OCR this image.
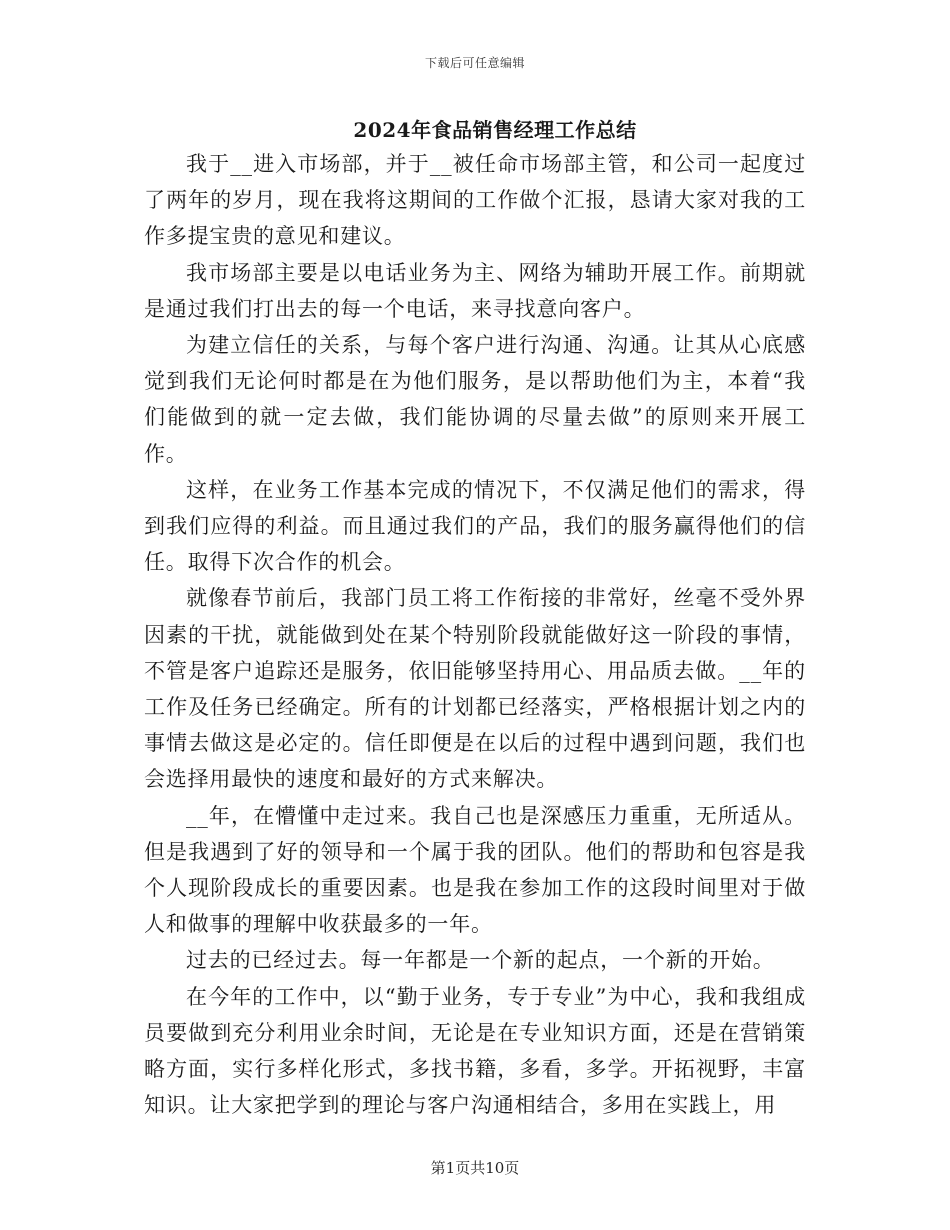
下载后可任意编辑
2024年食品销售经理工作总结

我于__进入市场部，并于__被任命市场部主管，和公司一起度过了两年的岁月，现在我将这期间的工作做个汇报，恳请大家对我的工作多提宝贵的意见和建议。

我市场部主要是以电话业务为主、网络为辅助开展工作。前期就是通过我们打出去的每一个电话，来寻找意向客户。

为建立信任的关系，与每个客户进行沟通、沟通。让其从心底感觉到我们无论何时都是在为他们服务，是以帮助他们为主，本着“我们能做到的就一定去做，我们能协调的尽量去做”的原则来开展工作。

这样，在业务工作基本完成的情况下，不仅满足他们的需求，得到我们应得的利益。而且通过我们的产品，我们的服务赢得他们的信任。取得下次合作的机会。

就像春节前后，我部门员工将工作衔接的非常好，丝毫不受外界因素的干扰，就能做到处在某个特别阶段就能做好这一阶段的事情，不管是客户追踪还是服务，依旧能够坚持用心、用品质去做。__年的工作及任务已经确定。所有的计划都已经落实，严格根据计划之内的事情去做这是必定的。信任即便是在以后的过程中遇到问题，我们也会选择用最快的速度和最好的方式来解决。

__年，在懵懂中走过来。我自己也是深感压力重重，无所适从。但是我遇到了好的领导和一个属于我的团队。他们的帮助和包容是我个人现阶段成长的重要因素。也是我在参加工作的这段时间里对于做人和做事的理解中收获最多的一年。

过去的已经过去。每一年都是一个新的起点，一个新的开始。

在今年的工作中，以“勤于业务，专于专业”为中心，我和我组成员要做到充分利用业余时间，无论是在专业知识方面，还是在营销策略方面，实行多样化形式，多找书籍，多看，多学。开拓视野，丰富知识。让大家把学到的理论与客户沟通相结合，多用在实践上，用

第1页共10页
